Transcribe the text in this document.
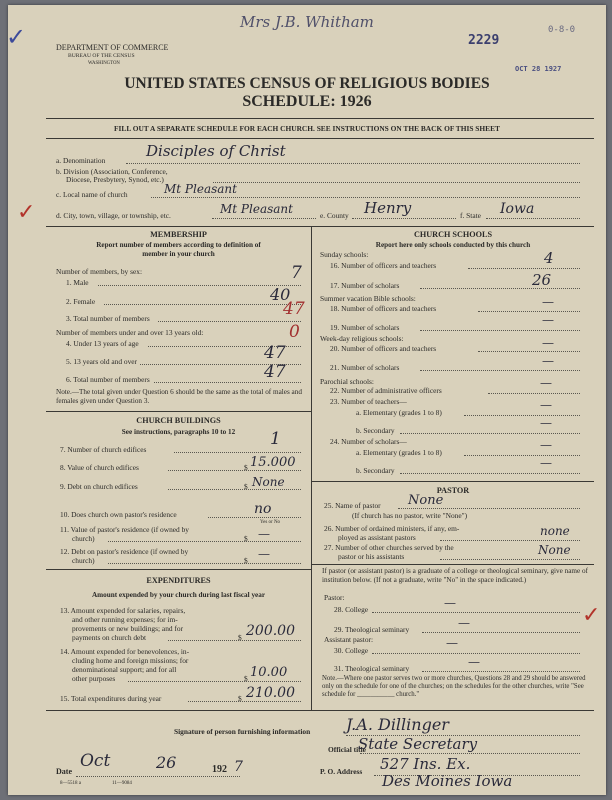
✓
Mrs J.B. Whitham
2229
0-8-0
OCT 28 1927
DEPARTMENT OF COMMERCE
BUREAU OF THE CENSUS
WASHINGTON
UNITED STATES CENSUS OF RELIGIOUS BODIES
SCHEDULE: 1926
FILL OUT A SEPARATE SCHEDULE FOR EACH CHURCH. SEE INSTRUCTIONS ON THE BACK OF THIS SHEET
a. Denomination
Disciples of Christ
b. Division (Association, Conference,
Diocese, Presbytery, Synod, etc.)
c. Local name of church	Mt Pleasant
✓	d. City, town, village, or township, etc.	Mt Pleasant	e. County Henry	f. State Iowa
MEMBERSHIP
Report number of members according to definition of
member in your church
Number of members, by sex:
1. Male	7
2. Female	40
3. Total number of members	47
Number of members under and over 13 years old:
4. Under 13 years of age
0
5. 13 years old and over	47
6. Total number of members	47
Note.—The total given under Question 6 should be the same as the total of males and females given under Question 3.
CHURCH BUILDINGS
See instructions, paragraphs 10 to 12
7. Number of church edifices
1
8. Value of church edifices	$ 15.000
9. Debt on church edifices	$ None
10. Does church own pastor's residence	no
Yes or No
11. Value of pastor's residence (if owned by
church)	$ —
12. Debt on pastor's residence (if owned by
church)	$ —
EXPENDITURES
Amount expended by your church during last fiscal year
13. Amount expended for salaries, repairs,
and other running expenses; for im-
provements or new buildings; and for
payments on church debt	$ 200.00
14. Amount expended for benevolences, in-
cluding home and foreign missions; for
denominational support; and for all
other purposes	$ 10.00
15. Total expenditures during year	$ 210.00
CHURCH SCHOOLS
Report here only schools conducted by this church
Sunday schools:
16. Number of officers and teachers	4
17. Number of scholars	26
Summer vacation Bible schools:
18. Number of officers and teachers	—
19. Number of scholars
—
Week-day religious schools:
20. Number of officers and teachers	—
21. Number of scholars	—
Parochial schools:
22. Number of administrative officers
—
23. Number of teachers—
a. Elementary (grades 1 to 8)
—
b. Secondary
—
24. Number of scholars—
a. Elementary (grades 1 to 8)
—
b. Secondary
—
PASTOR
25. Name of pastor None
(If church has no pastor, write "None")
26. Number of ordained ministers, if any, em-
ployed as assistant pastors	none
27. Number of other churches served by the
pastor or his assistants	None
If pastor (or assistant pastor) is a graduate of a college or theological seminary, give name of institution below. (If not a graduate, write "No" in the space indicated.)
Pastor:
28. College	—	✓
29. Theological seminary	—
Assistant pastor:
30. College
—
31. Theological seminary	—
Note.—Where one pastor serves two or more churches, Questions 28 and 29 should be answered only on the schedule for one of the churches; on the schedules for the other churches, write "See schedule for ___________ church."
Signature of person furnishing information J.A. Dillinger
Official title
State Secretary
Date
Oct	26	192 7
8—5518 a	11—9084
P. O. Address 527 Ins. Ex.
Des Moines Iowa
